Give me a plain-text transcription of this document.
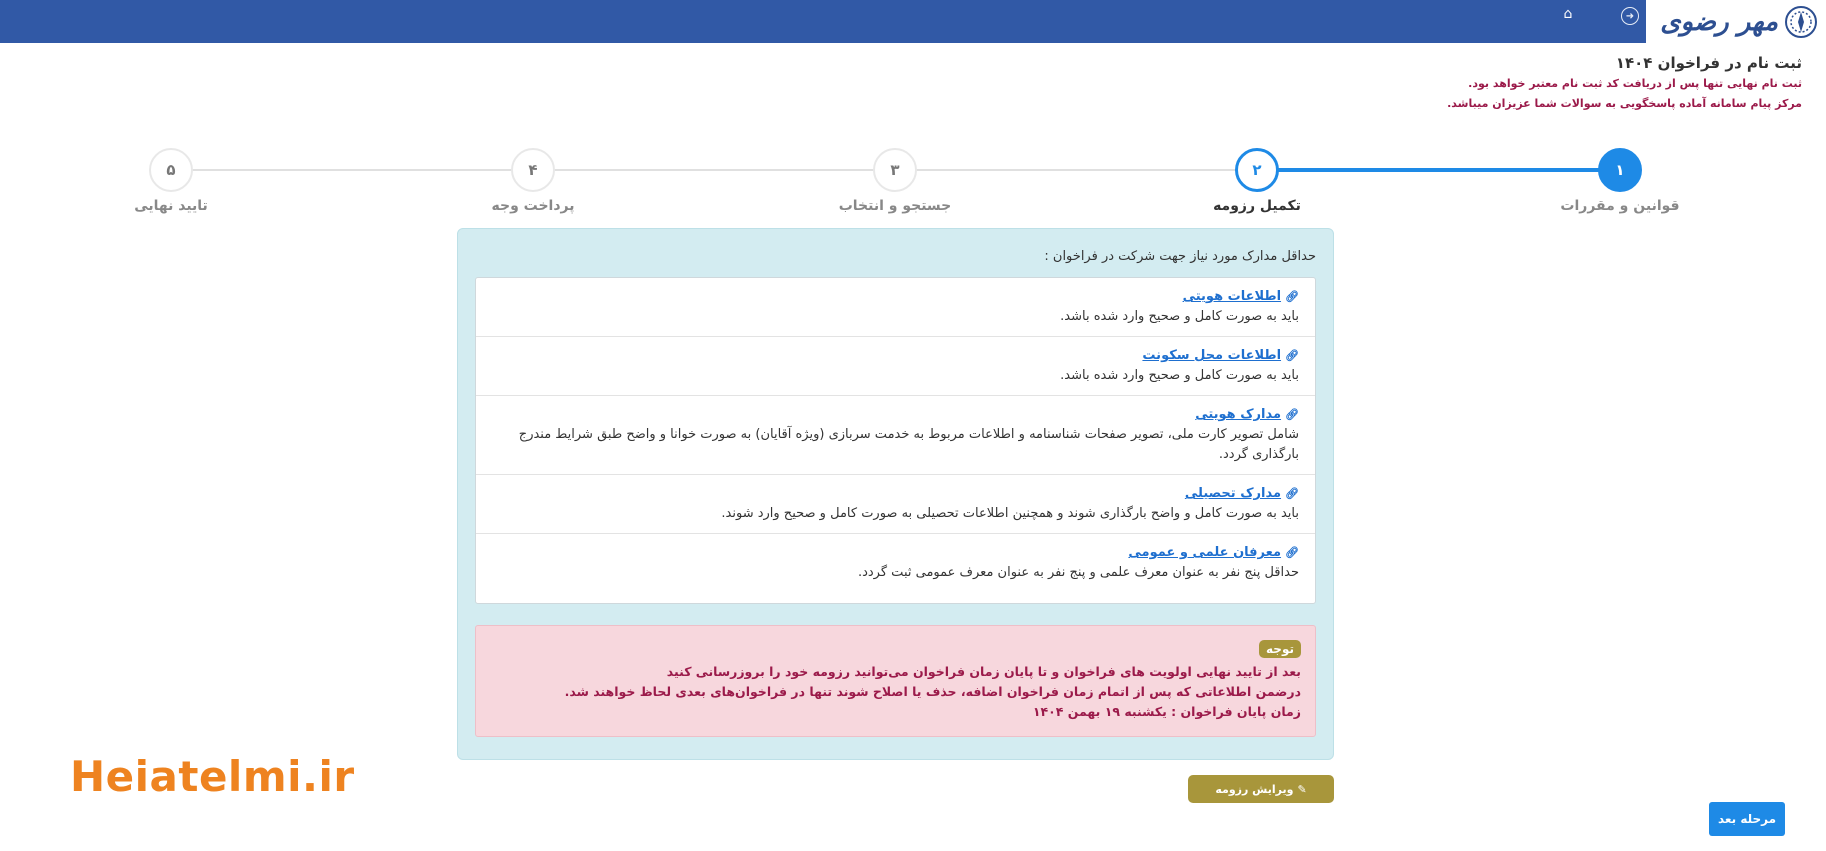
مهر رضوی
➜
⌂
ثبت نام در فراخوان ۱۴۰۴
ثبت نام نهایی تنها پس از دریافت کد ثبت نام معتبر خواهد بود.
مرکز پیام سامانه آماده پاسخگویی به سوالات شما عزیزان میباشد.
۱
قوانین و مقررات
۲
تکمیل رزومه
۳
جستجو و انتخاب
۴
پرداخت وجه
۵
تایید نهایی
حداقل مدارک مورد نیاز جهت شرکت در فراخوان :
🔗︎اطلاعات هویتی
باید به صورت کامل و صحیح وارد شده باشد.
🔗︎اطلاعات محل سکونت
باید به صورت کامل و صحیح وارد شده باشد.
🔗︎مدارک هویتی
شامل تصویر کارت ملی، تصویر صفحات شناسنامه و اطلاعات مربوط به خدمت سربازی (ویژه آقایان) به صورت خوانا و واضح طبق شرایط مندرج بارگذاری گردد.
🔗︎مدارک تحصیلی
باید به صورت کامل و واضح بارگذاری شوند و همچنین اطلاعات تحصیلی به صورت کامل و صحیح وارد شوند.
🔗︎معرفان علمی و عمومی
حداقل پنج نفر به عنوان معرف علمی و پنج نفر به عنوان معرف عمومی ثبت گردد.
توجه
بعد از تایید نهایی اولویت های فراخوان و تا پایان زمان فراخوان می‌توانید رزومه خود را بروزرسانی کنید
درضمن اطلاعاتی که پس از اتمام زمان فراخوان اضافه، حذف یا اصلاح شوند تنها در فراخوان‌های بعدی لحاظ خواهند شد.
زمان پایان فراخوان : یکشنبه ۱۹ بهمن ۱۴۰۴
✎
ویرایش رزومه
مرحله بعد
Heiatelmi.ir
